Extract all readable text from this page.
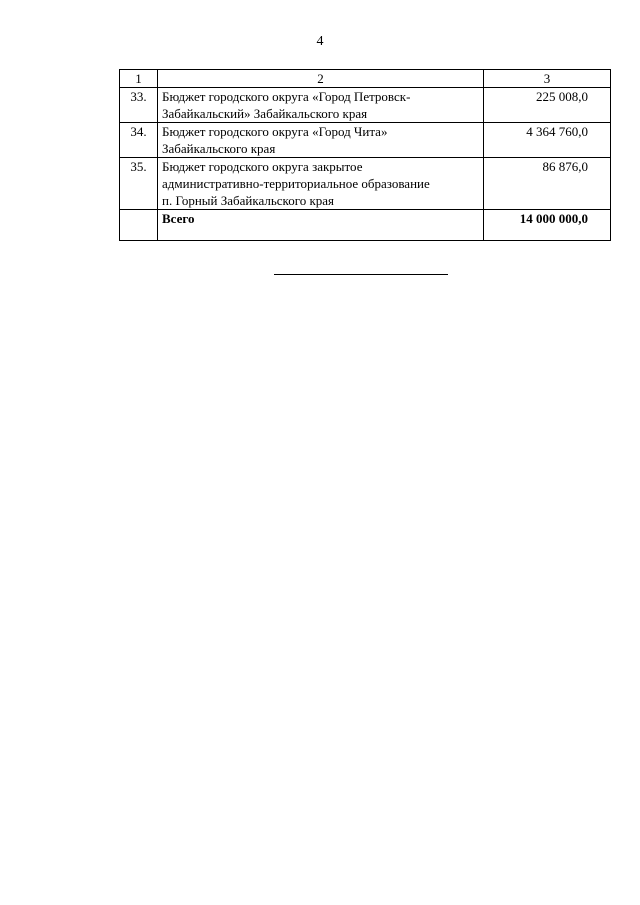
4
1	2	3
33.	Бюджет городского округа «Город Петровск-
Забайкальский» Забайкальского края	225 008,0
34.	Бюджет городского округа «Город Чита»
Забайкальского края	4 364 760,0
35.	Бюджет городского округа закрытое
административно-территориальное образование
п. Горный Забайкальского края	86 876,0
	Всего	14 000 000,0
